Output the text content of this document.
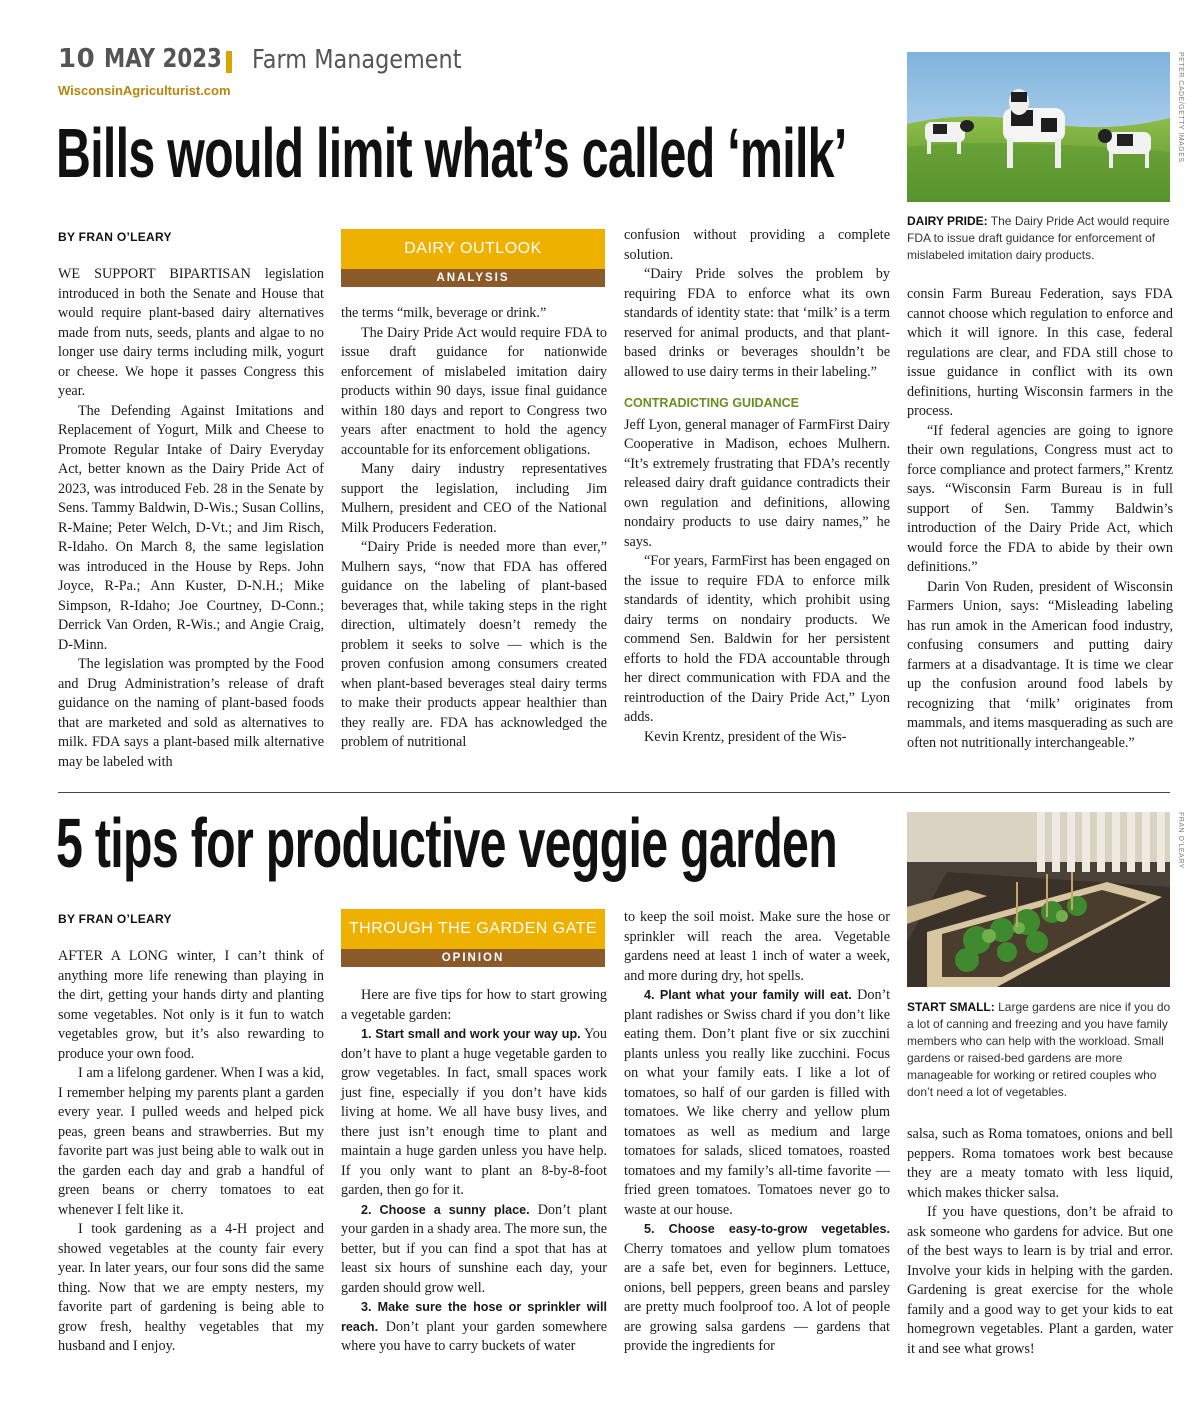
10 MAY 2023 Farm Management
WisconsinAgriculturist.com
Bills would limit what’s called ‘milk’	PETER CADE/GETTY IMAGES
DAIRY PRIDE: The Dairy Pride Act would require FDA to issue draft guidance for enforcement of mislabeled imitation dairy products.
BY FRAN O’LEARY
DAIRY OUTLOOK
ANALYSIS

WE SUPPORT BIPARTISAN legislation introduced in both the Senate and House that would require plant-based dairy alternatives made from nuts, seeds, plants and algae to no longer use dairy terms including milk, yogurt or cheese. We hope it passes Congress this year.

The Defending Against Imitations and Replacement of Yogurt, Milk and Cheese to Promote Regular Intake of Dairy Everyday Act, better known as the Dairy Pride Act of 2023, was introduced Feb. 28 in the Senate by Sens. Tammy Baldwin, D-Wis.; Susan Collins, R-Maine; Peter Welch, D-Vt.; and Jim Risch, R-Idaho. On March 8, the same legislation was introduced in the House by Reps. John Joyce, R-Pa.; Ann Kuster, D-N.H.; Mike Simpson, R-Idaho; Joe Courtney, D-Conn.; Derrick Van Orden, R-Wis.; and Angie Craig, D-Minn.

The legislation was prompted by the Food and Drug Administration’s release of draft guidance on the naming of plant-based foods that are marketed and sold as alternatives to milk. FDA says a plant-based milk alternative may be labeled with

the terms “milk, beverage or drink.”

The Dairy Pride Act would require FDA to issue draft guidance for nationwide enforcement of mislabeled imitation dairy products within 90 days, issue final guidance within 180 days and report to Congress two years after enactment to hold the agency accountable for its enforcement obligations.

Many dairy industry representatives support the legislation, including Jim Mulhern, president and CEO of the National Milk Producers Federation.

“Dairy Pride is needed more than ever,” Mulhern says, “now that FDA has offered guidance on the labeling of plant-based beverages that, while taking steps in the right direction, ultimately doesn’t remedy the problem it seeks to solve — which is the proven confusion among consumers created when plant-based beverages steal dairy terms to make their products appear healthier than they really are. FDA has acknowledged the problem of nutritional

confusion without providing a complete solution.

“Dairy Pride solves the problem by requiring FDA to enforce what its own standards of identity state: that ‘milk’ is a term reserved for animal products, and that plant-based drinks or beverages shouldn’t be allowed to use dairy terms in their labeling.”

CONTRADICTING GUIDANCE

Jeff Lyon, general manager of FarmFirst Dairy Cooperative in Madison, echoes Mulhern. “It’s extremely frustrating that FDA’s recently released dairy draft guidance contradicts their own regulation and definitions, allowing nondairy products to use dairy names,” he says.

“For years, FarmFirst has been engaged on the issue to require FDA to enforce milk standards of identity, which prohibit using dairy terms on nondairy products. We commend Sen. Baldwin for her persistent efforts to hold the FDA accountable through her direct communication with FDA and the reintroduction of the Dairy Pride Act,” Lyon adds.

Kevin Krentz, president of the Wis-

consin Farm Bureau Federation, says FDA cannot choose which regulation to enforce and which it will ignore. In this case, federal regulations are clear, and FDA still chose to issue guidance in conflict with its own definitions, hurting Wisconsin farmers in the process.

“If federal agencies are going to ignore their own regulations, Congress must act to force compliance and protect farmers,” Krentz says. “Wisconsin Farm Bureau is in full support of Sen. Tammy Baldwin’s introduction of the Dairy Pride Act, which would force the FDA to abide by their own definitions.”

Darin Von Ruden, president of Wisconsin Farmers Union, says: “Misleading labeling has run amok in the American food industry, confusing consumers and putting dairy farmers at a disadvantage. It is time we clear up the confusion around food labels by recognizing that ‘milk’ originates from mammals, and items masquerading as such are often not nutritionally interchangeable.”

5 tips for productive veggie garden	FRAN O’LEARY
START SMALL: Large gardens are nice if you do a lot of canning and freezing and you have family members who can help with the workload. Small gardens or raised-bed gardens are more manageable for working or retired couples who don’t need a lot of vegetables.
BY FRAN O’LEARY
THROUGH THE GARDEN GATE
OPINION

AFTER A LONG winter, I can’t think of anything more life renewing than playing in the dirt, getting your hands dirty and planting some vegetables. Not only is it fun to watch vegetables grow, but it’s also rewarding to produce your own food.

I am a lifelong gardener. When I was a kid, I remember helping my parents plant a garden every year. I pulled weeds and helped pick peas, green beans and strawberries. But my favorite part was just being able to walk out in the garden each day and grab a handful of green beans or cherry tomatoes to eat whenever I felt like it.

I took gardening as a 4-H project and showed vegetables at the county fair every year. In later years, our four sons did the same thing. Now that we are empty nesters, my favorite part of gardening is being able to grow fresh, healthy vegetables that my husband and I enjoy.

Here are five tips for how to start growing a vegetable garden:

1. Start small and work your way up. You don’t have to plant a huge vegetable garden to grow vegetables. In fact, small spaces work just fine, especially if you don’t have kids living at home. We all have busy lives, and there just isn’t enough time to plant and maintain a huge garden unless you have help. If you only want to plant an 8-by-8-foot garden, then go for it.

2. Choose a sunny place. Don’t plant your garden in a shady area. The more sun, the better, but if you can find a spot that has at least six hours of sunshine each day, your garden should grow well.

3. Make sure the hose or sprinkler will reach. Don’t plant your garden somewhere where you have to carry buckets of water

to keep the soil moist. Make sure the hose or sprinkler will reach the area. Vegetable gardens need at least 1 inch of water a week, and more during dry, hot spells.

4. Plant what your family will eat. Don’t plant radishes or Swiss chard if you don’t like eating them. Don’t plant five or six zucchini plants unless you really like zucchini. Focus on what your family eats. I like a lot of tomatoes, so half of our garden is filled with tomatoes. We like cherry and yellow plum tomatoes as well as medium and large tomatoes for salads, sliced tomatoes, roasted tomatoes and my family’s all-time favorite — fried green tomatoes. Tomatoes never go to waste at our house.

5. Choose easy-to-grow vegetables. Cherry tomatoes and yellow plum tomatoes are a safe bet, even for beginners. Lettuce, onions, bell peppers, green beans and parsley are pretty much foolproof too. A lot of people are growing salsa gardens — gardens that provide the ingredients for

salsa, such as Roma tomatoes, onions and bell peppers. Roma tomatoes work best because they are a meaty tomato with less liquid, which makes thicker salsa.

If you have questions, don’t be afraid to ask someone who gardens for advice. But one of the best ways to learn is by trial and error. Involve your kids in helping with the garden. Gardening is great exercise for the whole family and a good way to get your kids to eat homegrown vegetables. Plant a garden, water it and see what grows!
